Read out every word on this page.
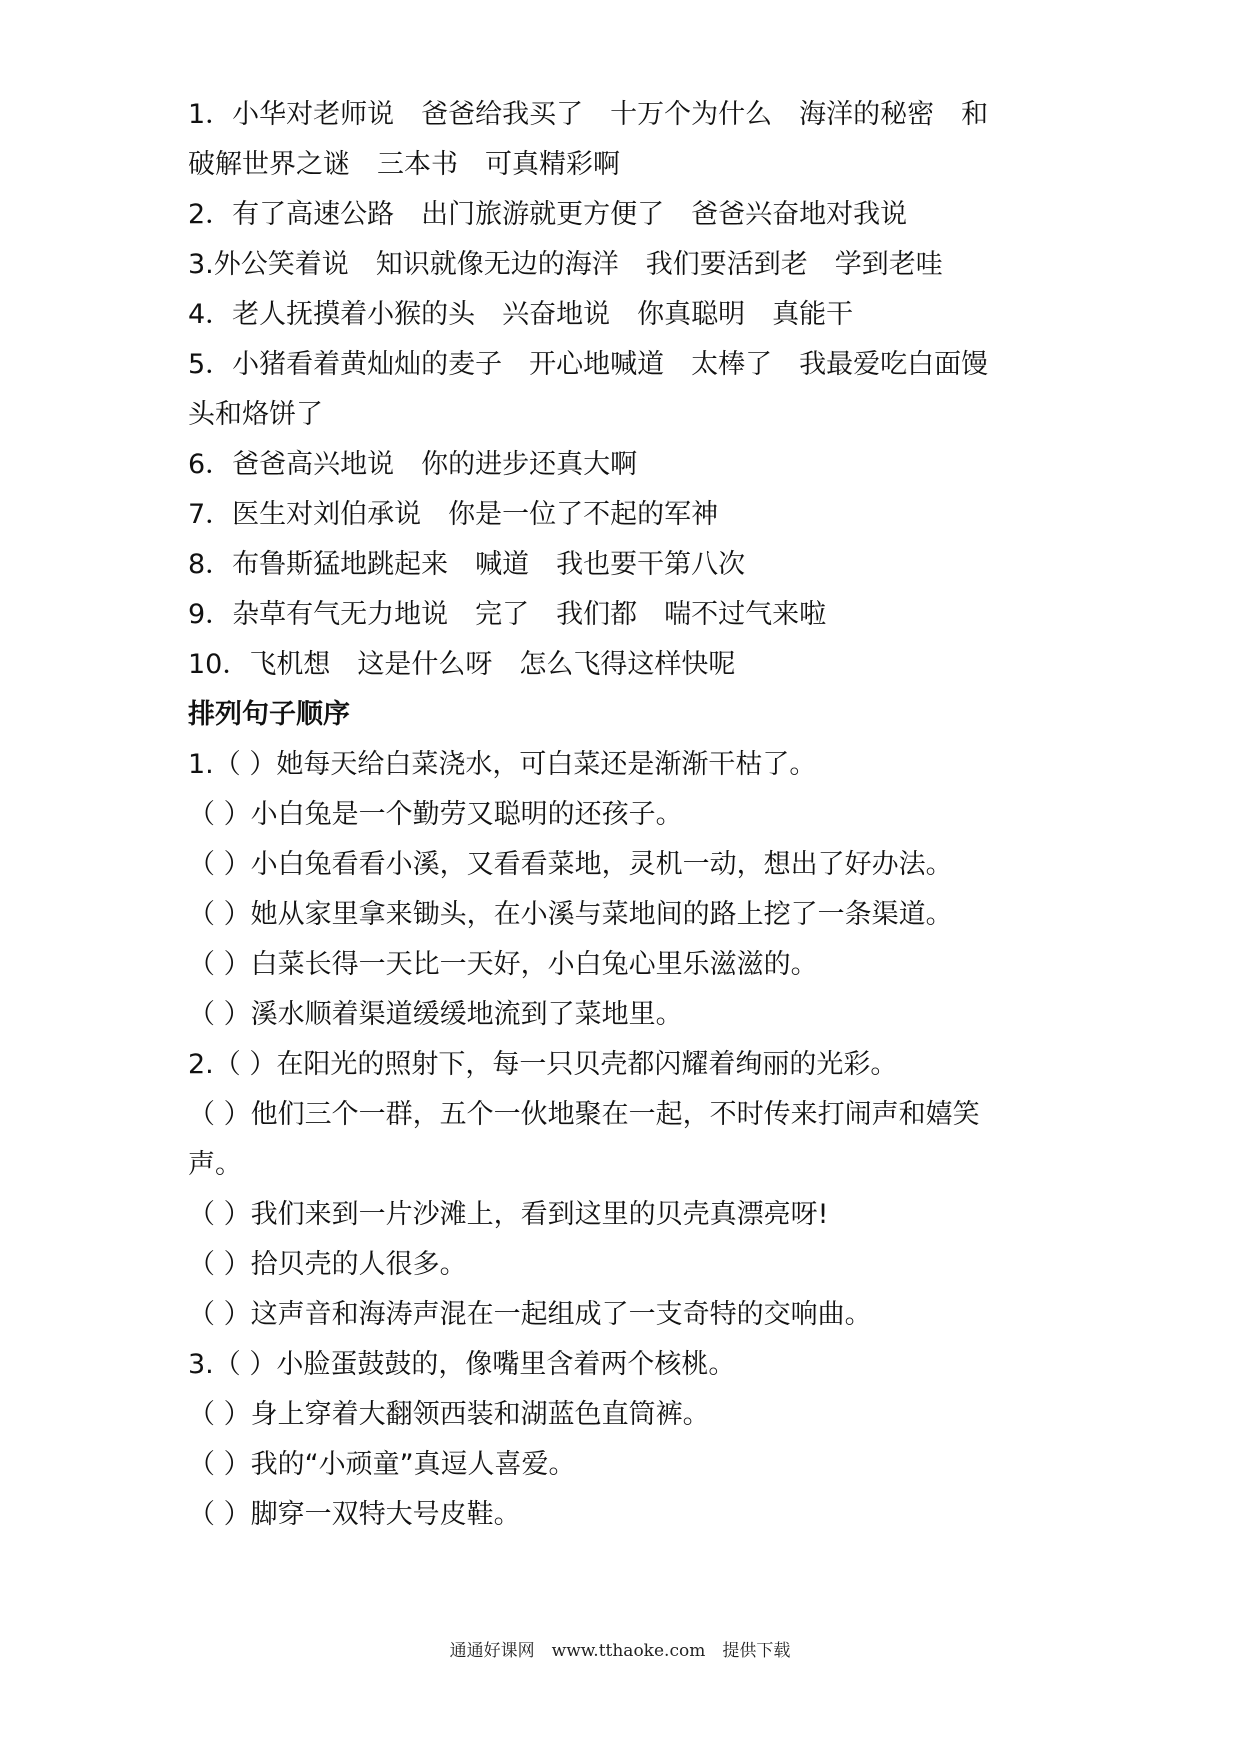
1．小华对老师说　爸爸给我买了　十万个为什么　海洋的秘密　和

破解世界之谜　三本书　可真精彩啊

2．有了高速公路　出门旅游就更方便了　爸爸兴奋地对我说

3.外公笑着说　知识就像无边的海洋　我们要活到老　学到老哇

4．老人抚摸着小猴的头　兴奋地说　你真聪明　真能干

5．小猪看着黄灿灿的麦子　开心地喊道　太棒了　我最爱吃白面馒

头和烙饼了

6．爸爸高兴地说　你的进步还真大啊

7．医生对刘伯承说　你是一位了不起的军神

8．布鲁斯猛地跳起来　喊道　我也要干第八次

9．杂草有气无力地说　完了　我们都　喘不过气来啦

10．飞机想　这是什么呀　怎么飞得这样快呢

排列句子顺序

1.（ ）她每天给白菜浇水，可白菜还是渐渐干枯了。

（ ）小白兔是一个勤劳又聪明的还孩子。

（ ）小白兔看看小溪，又看看菜地，灵机一动，想出了好办法。

（ ）她从家里拿来锄头，在小溪与菜地间的路上挖了一条渠道。

（ ）白菜长得一天比一天好，小白兔心里乐滋滋的。

（ ）溪水顺着渠道缓缓地流到了菜地里。

2.（ ）在阳光的照射下，每一只贝壳都闪耀着绚丽的光彩。

（ ）他们三个一群，五个一伙地聚在一起，不时传来打闹声和嬉笑

声。

（ ）我们来到一片沙滩上，看到这里的贝壳真漂亮呀!

（ ）拾贝壳的人很多。

（ ）这声音和海涛声混在一起组成了一支奇特的交响曲。

3.（ ）小脸蛋鼓鼓的，像嘴里含着两个核桃。

（ ）身上穿着大翻领西装和湖蓝色直筒裤。

（ ）我的“小顽童”真逗人喜爱。

（ ）脚穿一双特大号皮鞋。

通通好课网　www.tthaoke.com　提供下载
